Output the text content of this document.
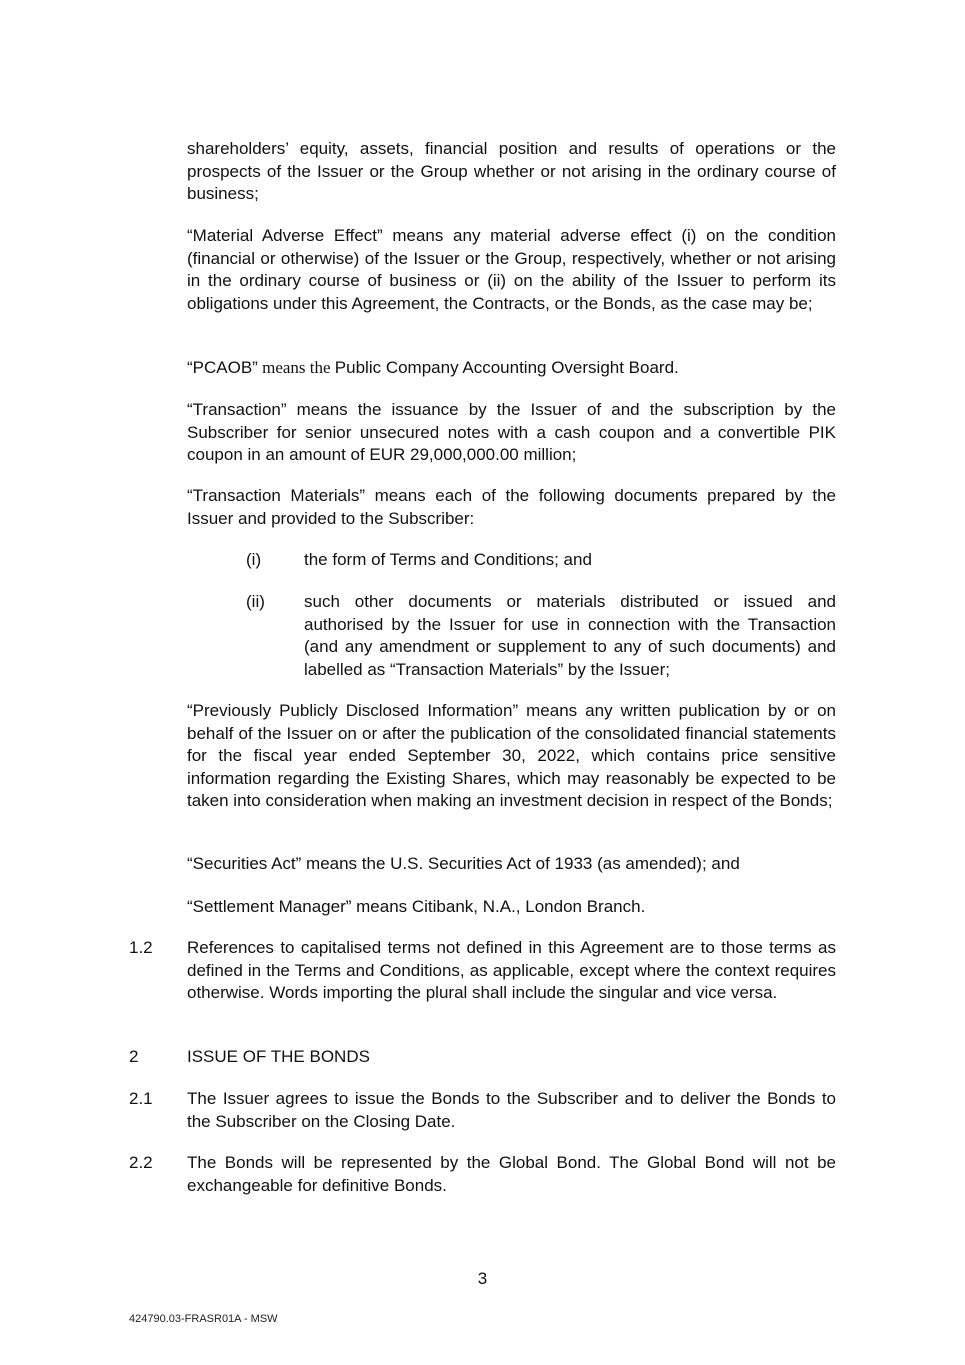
shareholders’ equity, assets, financial position and results of operations or the prospects of the Issuer or the Group whether or not arising in the ordinary course of business;

“Material Adverse Effect” means any material adverse effect (i) on the condition (financial or otherwise) of the Issuer or the Group, respectively, whether or not arising in the ordinary course of business or (ii) on the ability of the Issuer to perform its obligations under this Agreement, the Contracts, or the Bonds, as the case may be;

“PCAOB” means the Public Company Accounting Oversight Board.

“Transaction” means the issuance by the Issuer of and the subscription by the Subscriber for senior unsecured notes with a cash coupon and a convertible PIK coupon in an amount of EUR 29,000,000.00 million;

“Transaction Materials” means each of the following documents prepared by the Issuer and provided to the Subscriber:

(i)	the form of Terms and Conditions; and

(ii) such other documents or materials distributed or issued and authorised by the Issuer for use in connection with the Transaction (and any amendment or supplement to any of such documents) and labelled as “Transaction Materials” by the Issuer;

“Previously Publicly Disclosed Information” means any written publication by or on behalf of the Issuer on or after the publication of the consolidated financial statements for the fiscal year ended September 30, 2022, which contains price sensitive information regarding the Existing Shares, which may reasonably be expected to be taken into consideration when making an investment decision in respect of the Bonds;

“Securities Act” means the U.S. Securities Act of 1933 (as amended); and

“Settlement Manager” means Citibank, N.A., London Branch.

1.2 References to capitalised terms not defined in this Agreement are to those terms as defined in the Terms and Conditions, as applicable, except where the context requires otherwise. Words importing the plural shall include the singular and vice versa.

2	ISSUE OF THE BONDS

2.1 The Issuer agrees to issue the Bonds to the Subscriber and to deliver the Bonds to the Subscriber on the Closing Date.

2.2 The Bonds will be represented by the Global Bond. The Global Bond will not be exchangeable for definitive Bonds.

3
424790.03-FRASR01A - MSW
